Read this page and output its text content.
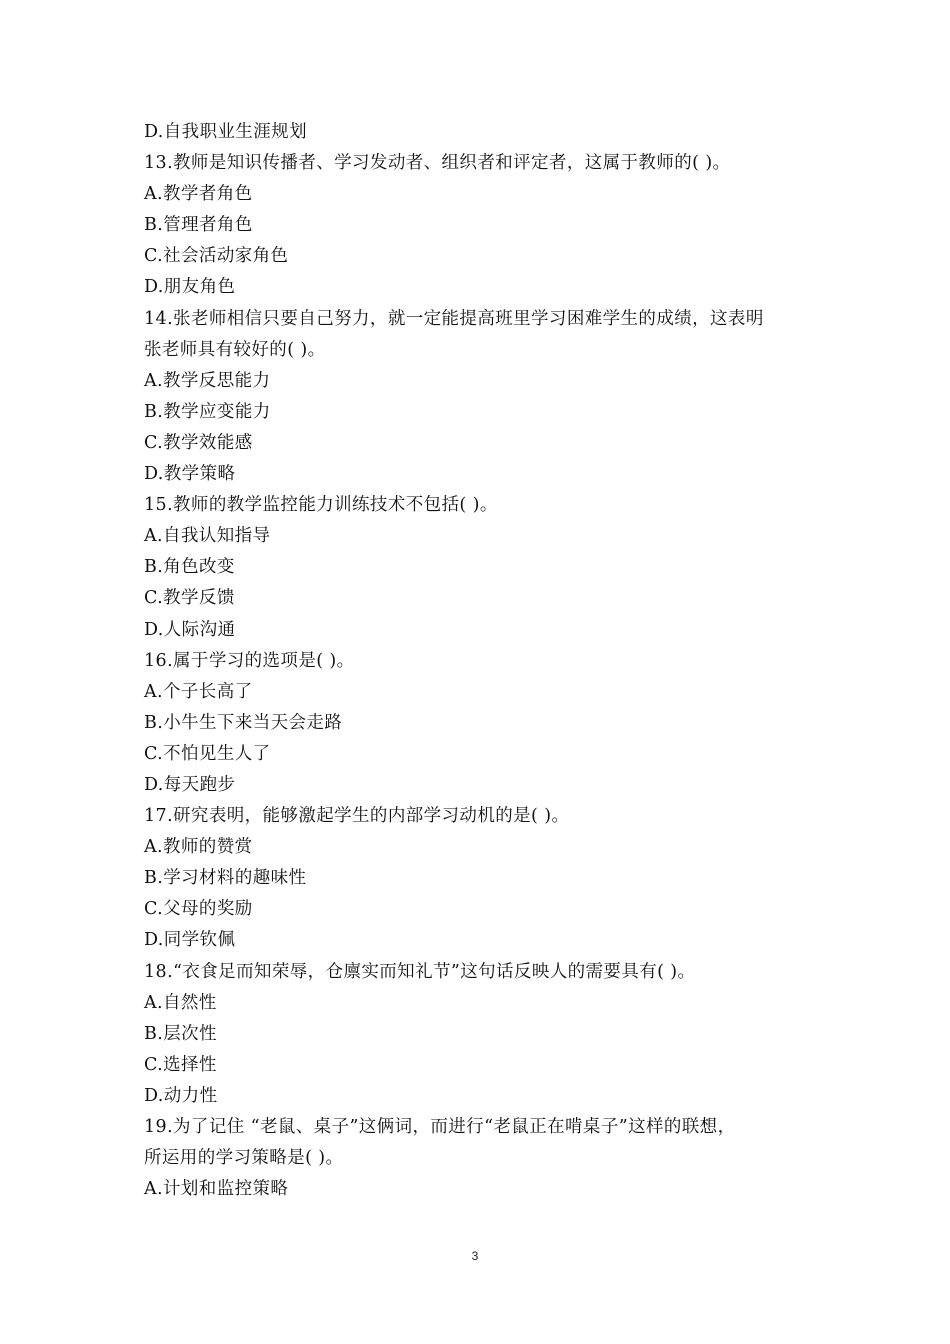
D.自我职业生涯规划
13.教师是知识传播者、学习发动者、组织者和评定者，这属于教师的( )。
A.教学者角色
B.管理者角色
C.社会活动家角色
D.朋友角色
14.张老师相信只要自己努力，就一定能提高班里学习困难学生的成绩，这表明
张老师具有较好的( )。
A.教学反思能力
B.教学应变能力
C.教学效能感
D.教学策略
15.教师的教学监控能力训练技术不包括( )。
A.自我认知指导
B.角色改变
C.教学反馈
D.人际沟通
16.属于学习的选项是( )。
A.个子长高了
B.小牛生下来当天会走路
C.不怕见生人了
D.每天跑步
17.研究表明，能够激起学生的内部学习动机的是( )。
A.教师的赞赏
B.学习材料的趣味性
C.父母的奖励
D.同学钦佩
18.“衣食足而知荣辱，仓廪实而知礼节”这句话反映人的需要具有( )。
A.自然性
B.层次性
C.选择性
D.动力性
19.为了记住 “老鼠、桌子”这俩词，而进行“老鼠正在啃桌子”这样的联想，
所运用的学习策略是( )。
A.计划和监控策略
3
